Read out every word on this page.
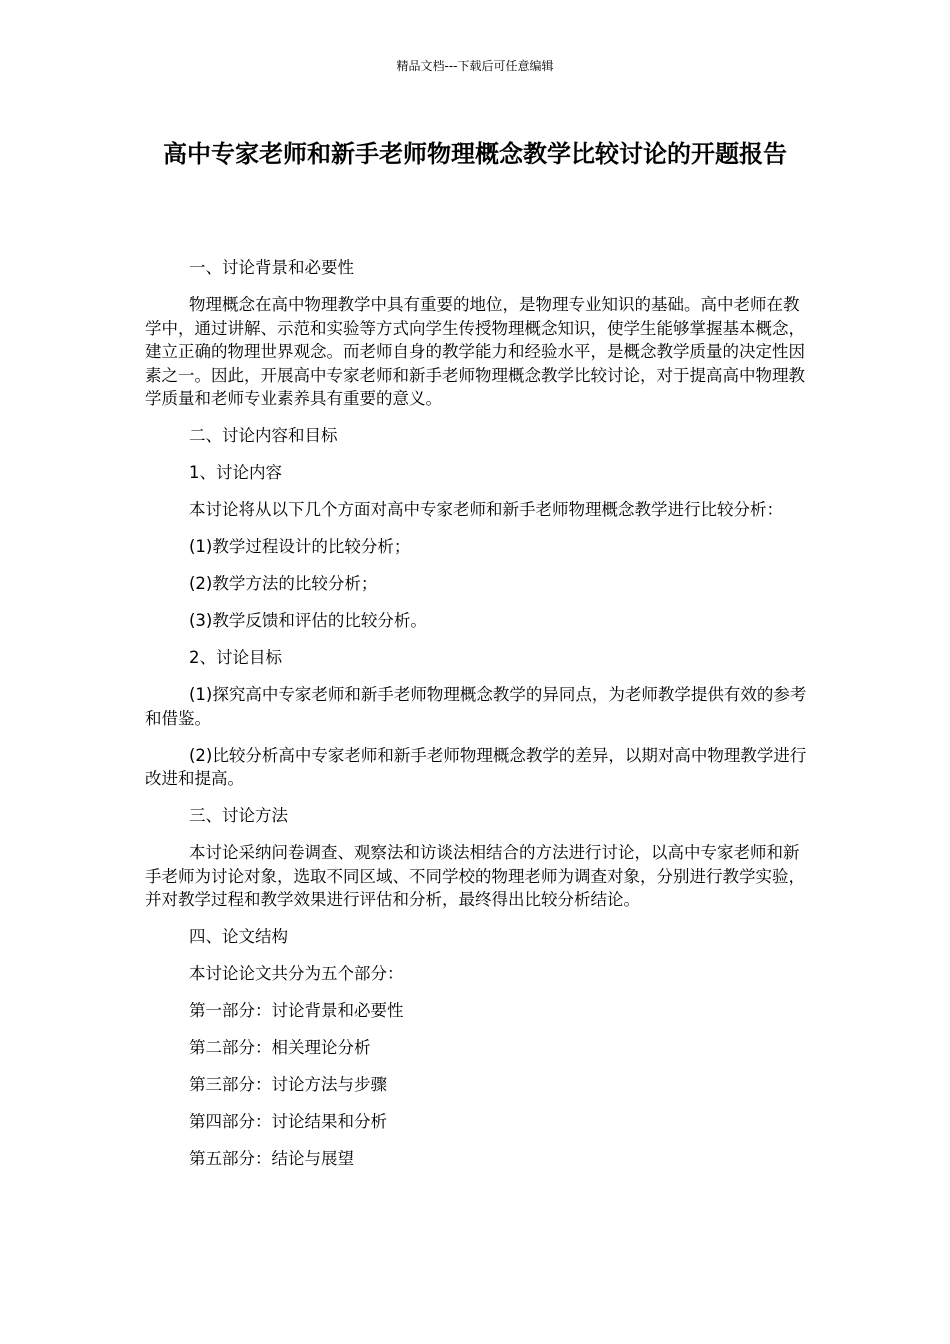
精品文档---下载后可任意编辑
高中专家老师和新手老师物理概念教学比较讨论的开题报告

一、讨论背景和必要性

物理概念在高中物理教学中具有重要的地位，是物理专业知识的基础。高中老师在教学中，通过讲解、示范和实验等方式向学生传授物理概念知识，使学生能够掌握基本概念，建立正确的物理世界观念。而老师自身的教学能力和经验水平，是概念教学质量的决定性因素之一。因此，开展高中专家老师和新手老师物理概念教学比较讨论，对于提高高中物理教学质量和老师专业素养具有重要的意义。

二、讨论内容和目标

1、讨论内容

本讨论将从以下几个方面对高中专家老师和新手老师物理概念教学进行比较分析：

(1)教学过程设计的比较分析；

(2)教学方法的比较分析；

(3)教学反馈和评估的比较分析。

2、讨论目标

(1)探究高中专家老师和新手老师物理概念教学的异同点，为老师教学提供有效的参考和借鉴。

(2)比较分析高中专家老师和新手老师物理概念教学的差异，以期对高中物理教学进行改进和提高。

三、讨论方法

本讨论采纳问卷调查、观察法和访谈法相结合的方法进行讨论，以高中专家老师和新手老师为讨论对象，选取不同区域、不同学校的物理老师为调查对象，分别进行教学实验，并对教学过程和教学效果进行评估和分析，最终得出比较分析结论。

四、论文结构

本讨论论文共分为五个部分：

第一部分：讨论背景和必要性

第二部分：相关理论分析

第三部分：讨论方法与步骤

第四部分：讨论结果和分析

第五部分：结论与展望
